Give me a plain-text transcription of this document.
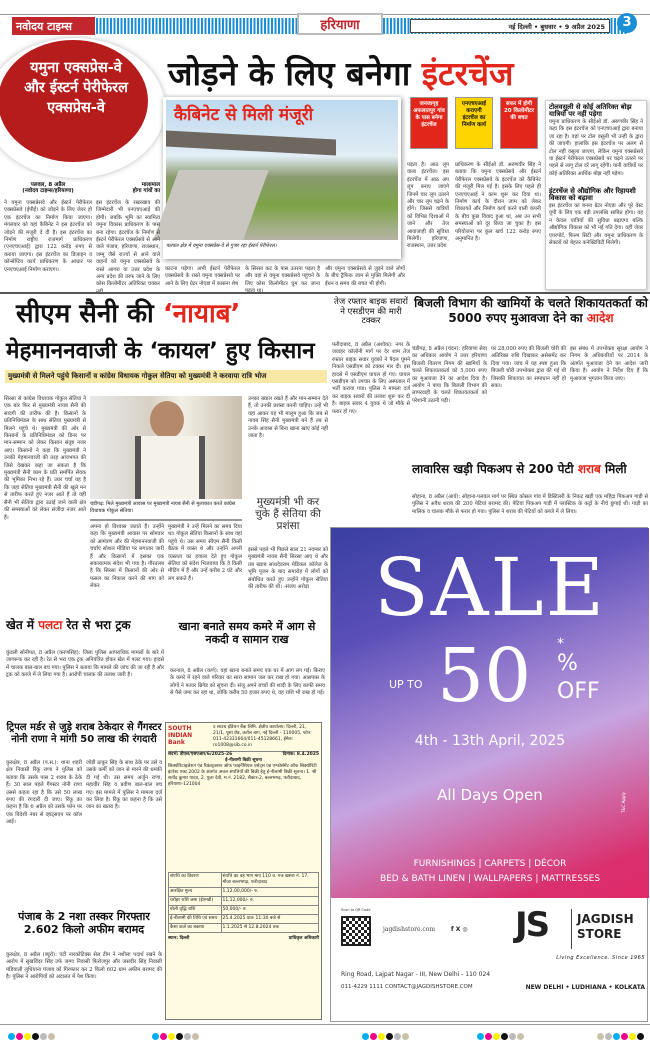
नवोदय टाइम्स	हरियाणा	नई दिल्ली • बुधवार • 9 अप्रैल 2025	3
यमुना एक्सप्रेस-वे और ईस्टर्न पेरीफेरल एक्सप्रेस-वे
जोड़ने के लिए बनेगा इंटरचेंज
कैबिनेट से मिली मंजूरी
पलवल क्षेत्र में यमुना एक्सप्रेस-वे से गुजर रहा ईस्टर्न पेरीफेरल।
जनजागृह अफलातपुर गांव के पास बनेगा इंटरचेंज
एनएचएआई कराएगी इंटरचेंज का निर्माण कार्य
सफर में होगी 20 किलोमीटर की बचत
टोलवसूली से कोई अतिरिक्त बोझ यात्रियों पर नहीं पड़ेगा
यमुना प्राधिकरण के सीईओ डॉ. अरुणवीर सिंह ने कहा कि इस इंटरचेंज को एनएचएआई द्वारा बनाया जा रहा है। वहां पर टोल वसूली भी उन्हीं के द्वारा की जाएगी। हालांकि इस इंटरचेंज पर अलग से टोल नहीं वसूला जाएगा, लेकिन यमुना एक्सप्रेसवे या ईस्टर्न पेरीफेरल एक्सप्रेसवे पर चढ़ने उतरने पर पहले से लागू टोल दरें लागू रहेंगी। यानी यात्रियों पर कोई अतिरिक्त आर्थिक बोझ नहीं पड़ेगा।
इंटरचेंज से औद्योगिक और रिहायशी विकास को बढ़ावा
इस इंटरचेंज का बनना ग्रेटर नोएडा और पूरे वेस्ट यूपी के लिए एक बड़ी उपलब्धि साबित होगा। यह न केवल यात्रियों की सुविधा बढ़ाएगा बल्कि औद्योगिक विकास को भी नई गति देगा। वहीं जेवर एयरपोर्ट, फिल्म सिटी और यमुना प्राधिकरण के सेक्टरों को बेहतर कनेक्टिविटी मिलेगी।
पलवल, 8 अप्रैल
(नवोदय टाइम्स/हरियाणा)
मालामाल
होगा गांवों का
ने यमुना एक्सप्रेसवे और ईस्टर्न पेरीफेरल एक्सप्रेसवे (ईपीई) को जोड़ने के लिए जेवर हो एक इंटरचेंज का निर्माण किया जाएगा। मंगलवार को यहां कैबिनेट ने इस इंटरचेंज को जोड़ने की मंजूरी दे दी है। इस इंटरचेंज का निर्माण राष्ट्रीय राजमार्ग प्राधिकरण (एनएचएआई) द्वारा 122 करोड़ रुपए से कराया जाएगा। इस इंटरचेंज का डिजाइन व कॉन्सेप्टिव कार्य प्राधिकरण के आधार पर एनएचएआई निर्माण कराएगा।
इस इंटरचेंज के रखरखाव की जिम्मेदारी भी एनएचएआई की होगी। जबकि भूमि का स्वामित्व यमुना विकास प्राधिकरण के पास बना रहेगा। इंटरचेंज के निर्माण से ईस्टर्न पेरीफेरल एक्सप्रेसवे से आने वाले पंजाब, हरियाणा, राजस्थान, जम्मू जैसे राज्यों से आने वाले वाहनों को यमुना एक्सप्रेसवे के रास्ते आगरा या उत्तर प्रदेश के अन्य प्रदेश की तरफ जाने के लिए कोस किलोमीटर अतिरिक्त चक्कर
काटना पड़ेगा। अभी ईस्टर्न पेरीफेरल एक्सप्रेसवे के रास्ते यमुना एक्सप्रेसवे पर आने के लिए ग्रेटर नोएडा में कासना शेष
के सिरसा कट के पास उतरना पड़ता है और वहां से यमुना एक्सप्रेसवे पहुंचने के लिए कोस किलोमीटर घूम कर जाना
और यमुना एक्सप्रेसवे से जुड़ने वाले लोगों के बीच ट्रैफिक जाम से मुक्ति मिलेगी और ईंधन व समय की बचत भी होगी।
पड़ता है। आठ लूप वाला इंटरचेंज। इस इंटरचेंज में आठ अप लूप बनाए जाएंगे जिनमें चार लूप उतरने और चार लूप चढ़ने के होंगे। जिससे यात्रियों को विभिन्न दिशाओं में जाने और तेज आवाजाही की सुविधा मिलेगी। हरियाणा, राजस्थान, उत्तर प्रदेश
प्राधिकरण के सीईओ डॉ. अरुणवीर सिंह ने बताया कि यमुना एक्सप्रेसवे और ईस्टर्न पेरीफेरल एक्सप्रेसवे के इंटरचेंज को कैबिनेट की मंजूरी मिल गई है। इसके लिए पहले ही एनएचएआई ने काम शुरू कर दिया था। निर्माण कार्य के दौरान जाम को लेकर शिकायतें और निर्माण कार्य करने वाली कंपनी के बीच कुछ विवाद हुआ था, अब उन सभी समस्याओं को दूर किया जा चुका है। इस परियोजना पर कुल खर्च 122 करोड़ रुपए अनुमानित है।
सीएम सैनी की ‘नायाब’
मेहमाननवाजी के ‘कायल’ हुए किसान
मुख्यमंत्री से मिलने पहुंचे किसानों व कांग्रेस विधायक गोकुल सेतिया को मुख्यमंत्री ने करवाया रात्रि भोज
सिरसा से कांग्रेस विधायक गोकुल सेतिया ने एक बार फिर से मुख्यमंत्री नायब सैनी की सादगी की तारीफ की है। किसानों के प्रतिनिधिमंडल के साथ सेतिया मुख्यमंत्री से मिलने पहुंचे थे। मुख्यमंत्री की ओर से किसानों के प्रतिनिधिमंडल को डिनर पर मान-सम्मान को लेकर किसान संतुष्ट नजर आए। किसानों ने कहा कि मुख्यमंत्री ने उनकी मेहमानवाजी की तरह आवभगत की जिसे देखकर कहा जा सकता है कि मुख्यमंत्री सैनी काम के प्रति समर्पित सेवक की भूमिका निभा रहे हैं। उधर चर्चा यह है कि जहां सेतिया मुख्यमंत्री सैनी की खुले मन से तारीफ करते हुए नजर आते हैं तो वहीं सैनी भी सेतिया द्वारा उठाई जाने वाली क्षेत्र की समस्याओं को लेकर संजीदा नजर आते हैं।
चंडीगढ़: मिले मुख्यमंत्री आवास पर मुख्यमंत्री नायब सैनी से मुलाकात करते कांग्रेस विधायक गोकुल सेतिया।
अपना हो विश्वास जताते हैं। उन्होंने कहा कि मुख्यमंत्री आवास पर सोमवार को आमंत्रण और की मेहमाननवाजी की चर्चाएं सोशल मीडिया पर लगातार जारी हैं और किसानों में इसका एक सकारात्मक संदेश भी गया है। गौरतलब है कि सिरसा में किसानों की ओर से फसल का निकाल करने की मांग को लेकर
मुख्यमंत्री ने उन्हें मिलने का समय दिया था। गोकुल सेतिया किसानों के साथ वहां पहुंचे थे। उस समय सीएम सैनी किसी बैठक में व्यस्त थे और उन्होंने अपनी व्यस्तता का हवाला देते हुए गोकुल सेतिया को संदेश भिजवाया कि वे किसी मीटिंग में हैं और उन्हें करीब 2 घंटे और लग सकते हैं।
उनका ख्याल रखते हैं और मान-सम्मान देते हैं, तो उनकी प्रशंसा करनी चाहिए। उन्हें भी यहां आकर यह भी मालूम हुआ कि जब से नायब सिंह सैनी मुख्यमंत्री बने हैं तब से उनके आवास से बिना खाना खाए कोई नहीं जाता है।
मुख्यमंत्री भी कर चुके हैं सेतिया की प्रशंसा
इससे पहले भी पिछले साल 21 नवम्बर को मुख्यमंत्री नायब सैनी सिरसा आए थे और तब ख्वाब साधदेवराम मेडिकल कॉलेज के भूमि पूजन के बाद समारोह में लोगों को संबोधित करते हुए उन्होंने गोकुल सेतिया की तारीफ की थी। -संजय अरोड़ा
तेज रफ्तार बाइक सवारों ने एसडीएम की मारी टक्कर
फरीदाबाद, 8 अप्रैल (अशोक): नगर के जवाहर कॉलोनी मार्ग पर देर शाम तेज रफ्तार बाइक सवार युवकों ने पैदल घूमने निकले एसडीएम को टक्कर मार दी। इस हादसे में एसडीएम घायल हो गए। घायल एसडीएम को उपचार के लिए अस्पताल में भर्ती कराया गया। पुलिस ने मामला दर्ज कर बाइक सवारों की तलाश शुरू कर दी है। बाइक सवार 4 युवक थे जो मौके से फरार हो गए।
बिजली विभाग की खामियों के चलते शिकायतकर्ता को 5000 रुपए मुआवजा देने का आदेश
चंडीगढ़, 8 अप्रैल (चंदन): हरियाणा सेवा का अधिकार आयोग ने उत्तर हरियाणा बिजली वितरण निगम की खामियों के चलते शिकायतकर्ता को 5,000 रुपए का मुआवजा देने का आदेश दिया है। आयोग ने पाया कि बिजली विभाग की लापरवाही के चलते शिकायतकर्ता को परेशानी उठानी पड़ी।
पर 28,000 रुपए की बिजली चोरी की अतिरिक्त राशि दिखाकर असेसमेंट कर दिया गया। जांच में यह स्पष्ट हुआ कि बिजली चोरी उपभोक्ता द्वारा की गई थी जिसकी शिकायत का समाधान नहीं हो सका।
इस संबंध में उपभोक्ता सुरक्षा आयोग ने निगम के अधिकारियों पर 2014 के अंतर्गत मुआवजा देने का आदेश जारी किया है। आयोग ने निर्देश दिए हैं कि मुआवजा भुगतान किया जाए।
लावारिस खड़ी पिकअप से 200 पेटी शराब मिली
सोहाना, 8 अप्रैल (आर्य): सोहाना-पलवल मार्ग पर स्थित कोसल गांव में डिस्टिलरी के निकट खड़ी एक महिंद्रा पिकअप गाड़ी से पुलिस ने अवैध शराब की 200 पेटियां बरामद की। पेटियां पिकअप गाड़ी में प्लास्टिक के कट्टों के नीचे छुपाई थी। गाड़ी का मालिक व चालक मौके से फरार हो गया। पुलिस ने शराब की पेटियों को कब्जे में ले लिया।
खेत में पलटा रेत से भरा ट्रक
कुंडली सोनीपत, 8 अप्रैल (करणसिंह): जिला पुलिस आपराधिक मामलों के बारे में जागरूक कर रही है। रेत से भरा एक ट्रक अनियंत्रित होकर खेत में पलट गया। हादसे में चालक बाल-बाल बच गया। पुलिस ने बताया कि मामले की जांच की जा रही है और ट्रक को कब्जे में ले लिया गया है। आरोपी चालक की तलाश जारी है।
खाना बनाते समय कमरे में आग से नकदी व सामान राख
करनाल, 8 अप्रैल (कर्ण): यहां खाना बनाते समय एक घर में आग लग गई। किराए के कमरे में रहने वाले परिवार का सारा सामान जल कर राख हो गया। आसपास के लोगों ने फायर ब्रिगेड को सूचना दी। संजू अपने बच्चों की शादी के लिए काफी समय से पैसे जमा कर रहा था, जोकि करीब 50 हजार रुपए थे, वह राशि भी राख हो गई।
ट्रिपल मर्डर से जुड़े शराब ठेकेदार से गैंगस्टर नोनी राणा ने मांगी 50 लाख की रंगदारी
कुरुक्षेत्र, 8 अप्रैल (प.स.): थाना शहरी क्षेत्र निवासी रिंकू राणा ने पुलिस को बताया कि उसके पास 2 शराब के ठेके हैं। 30 साल पहले गैंगस्टर नोनी राणा उससे कहता रहा है कि उसे 50 लाख रुपए की रंगदारी दी जाए। रिंकू का कहना है कि 6 अप्रैल को उसके फोन पर एक विदेशी नंबर से व्हाट्सएप पर कॉल आई।
जोड़ी ठाकुर सिंह के साथ ठेके पर उसे व उसके कर्मी को जान से मारने की धमकी दी गई थी। उस समय अर्जुन राणा, महावीर सिंह व प्रवीण बाल-बाल बच गए। इस मामले में पुलिस ने मामला दर्ज कर लिया है। रिंकू का कहना है कि उसे जान का खतरा है।
पंजाब के 2 नशा तस्कर गिरफ्तार 2.602 किलो अफीम बरामद
कुरुक्षेत्र, 8 अप्रैल (ब्यूरो): एंटी नारकोटिक्स सेल टीम ने नशीला पदार्थ रखने के आरोप में सुखविंदर सिंह उर्फ जग्गा निवासी फिरोजपुर और जसवीर सिंह निवासी मंडियाली लुधियाना पंजाब को गिरफ्तार कर 2 किलो 602 ग्राम अफीम बरामद की है। पुलिस ने आरोपियों को अदालत में पेश किया।
SOUTH INDIAN Bank
द साउथ इंडियन बैंक लिमि. क्षेत्रीय कार्यालय: दिल्ली, 21, 21/1, पूसा रोड, करोल बाग, नई दिल्ली - 110005, फोन: 011-42331664/011-45128661, ईमेल: ro1008@sib.co.in
संदर्भ: डीएल/एसएआर/6/2025-26	दिनांक: 8.4.2025
ई-नीलामी बिक्री सूचना
सिक्योरिटाइजेशन एंड रिकंस्ट्रक्शन ऑफ फाइनेंशियल एसेट्स एंड एन्फोर्समेंट ऑफ सिक्योरिटी इंटरेस्ट एक्ट 2002 के अंतर्गत अचल संपत्तियों की बिक्री हेतु ई-नीलामी बिक्री सूचना। 1. श्री सत्येंद्र कुमार यादव, 2. पूजा देवी, म.नं. 2182, सैक्टर-2, बल्लभगढ़, फरीदाबाद, हरियाणा-121004
संपत्ति का विवरण	संपत्ति का वह भाग माप 110 व. गज खसरा नं. 17, मौजा बल्लभगढ़, फरीदाबाद
आरक्षित मूल्य	1,12,00,000/- रु.
धरोहर राशि जमा (ईएमडी)	11,12,000/- रु.
बोली वृद्धि राशि	50,000/- रु.
ई-नीलामी की तिथि एवं समय	25.4.2025 प्रातः 11:30 बजे से
कैसा कर्ज का बकाया	1.1.2025 से 12.8.2024 तक
स्थान: दिल्ली	प्राधिकृत अधिकारी
SALE
UP TO 50 *
%
OFF
4th - 13th April, 2025
All Days Open	T&C Apply
FURNISHINGS | CARPETS | DÉCOR
BED & BATH LINEN | WALLPAPERS | MATTRESSES
Scan to QR Code
jagdishstore.com	f X ◎ JS JAGDISH
STORE
Living Excellence. Since 1965
Ring Road, Lajpat Nagar - III, New Delhi - 110 024
011-4229 1111 CONTACT@JAGDISHSTORE.COM	NEW DELHI • LUDHIANA • KOLKATA
